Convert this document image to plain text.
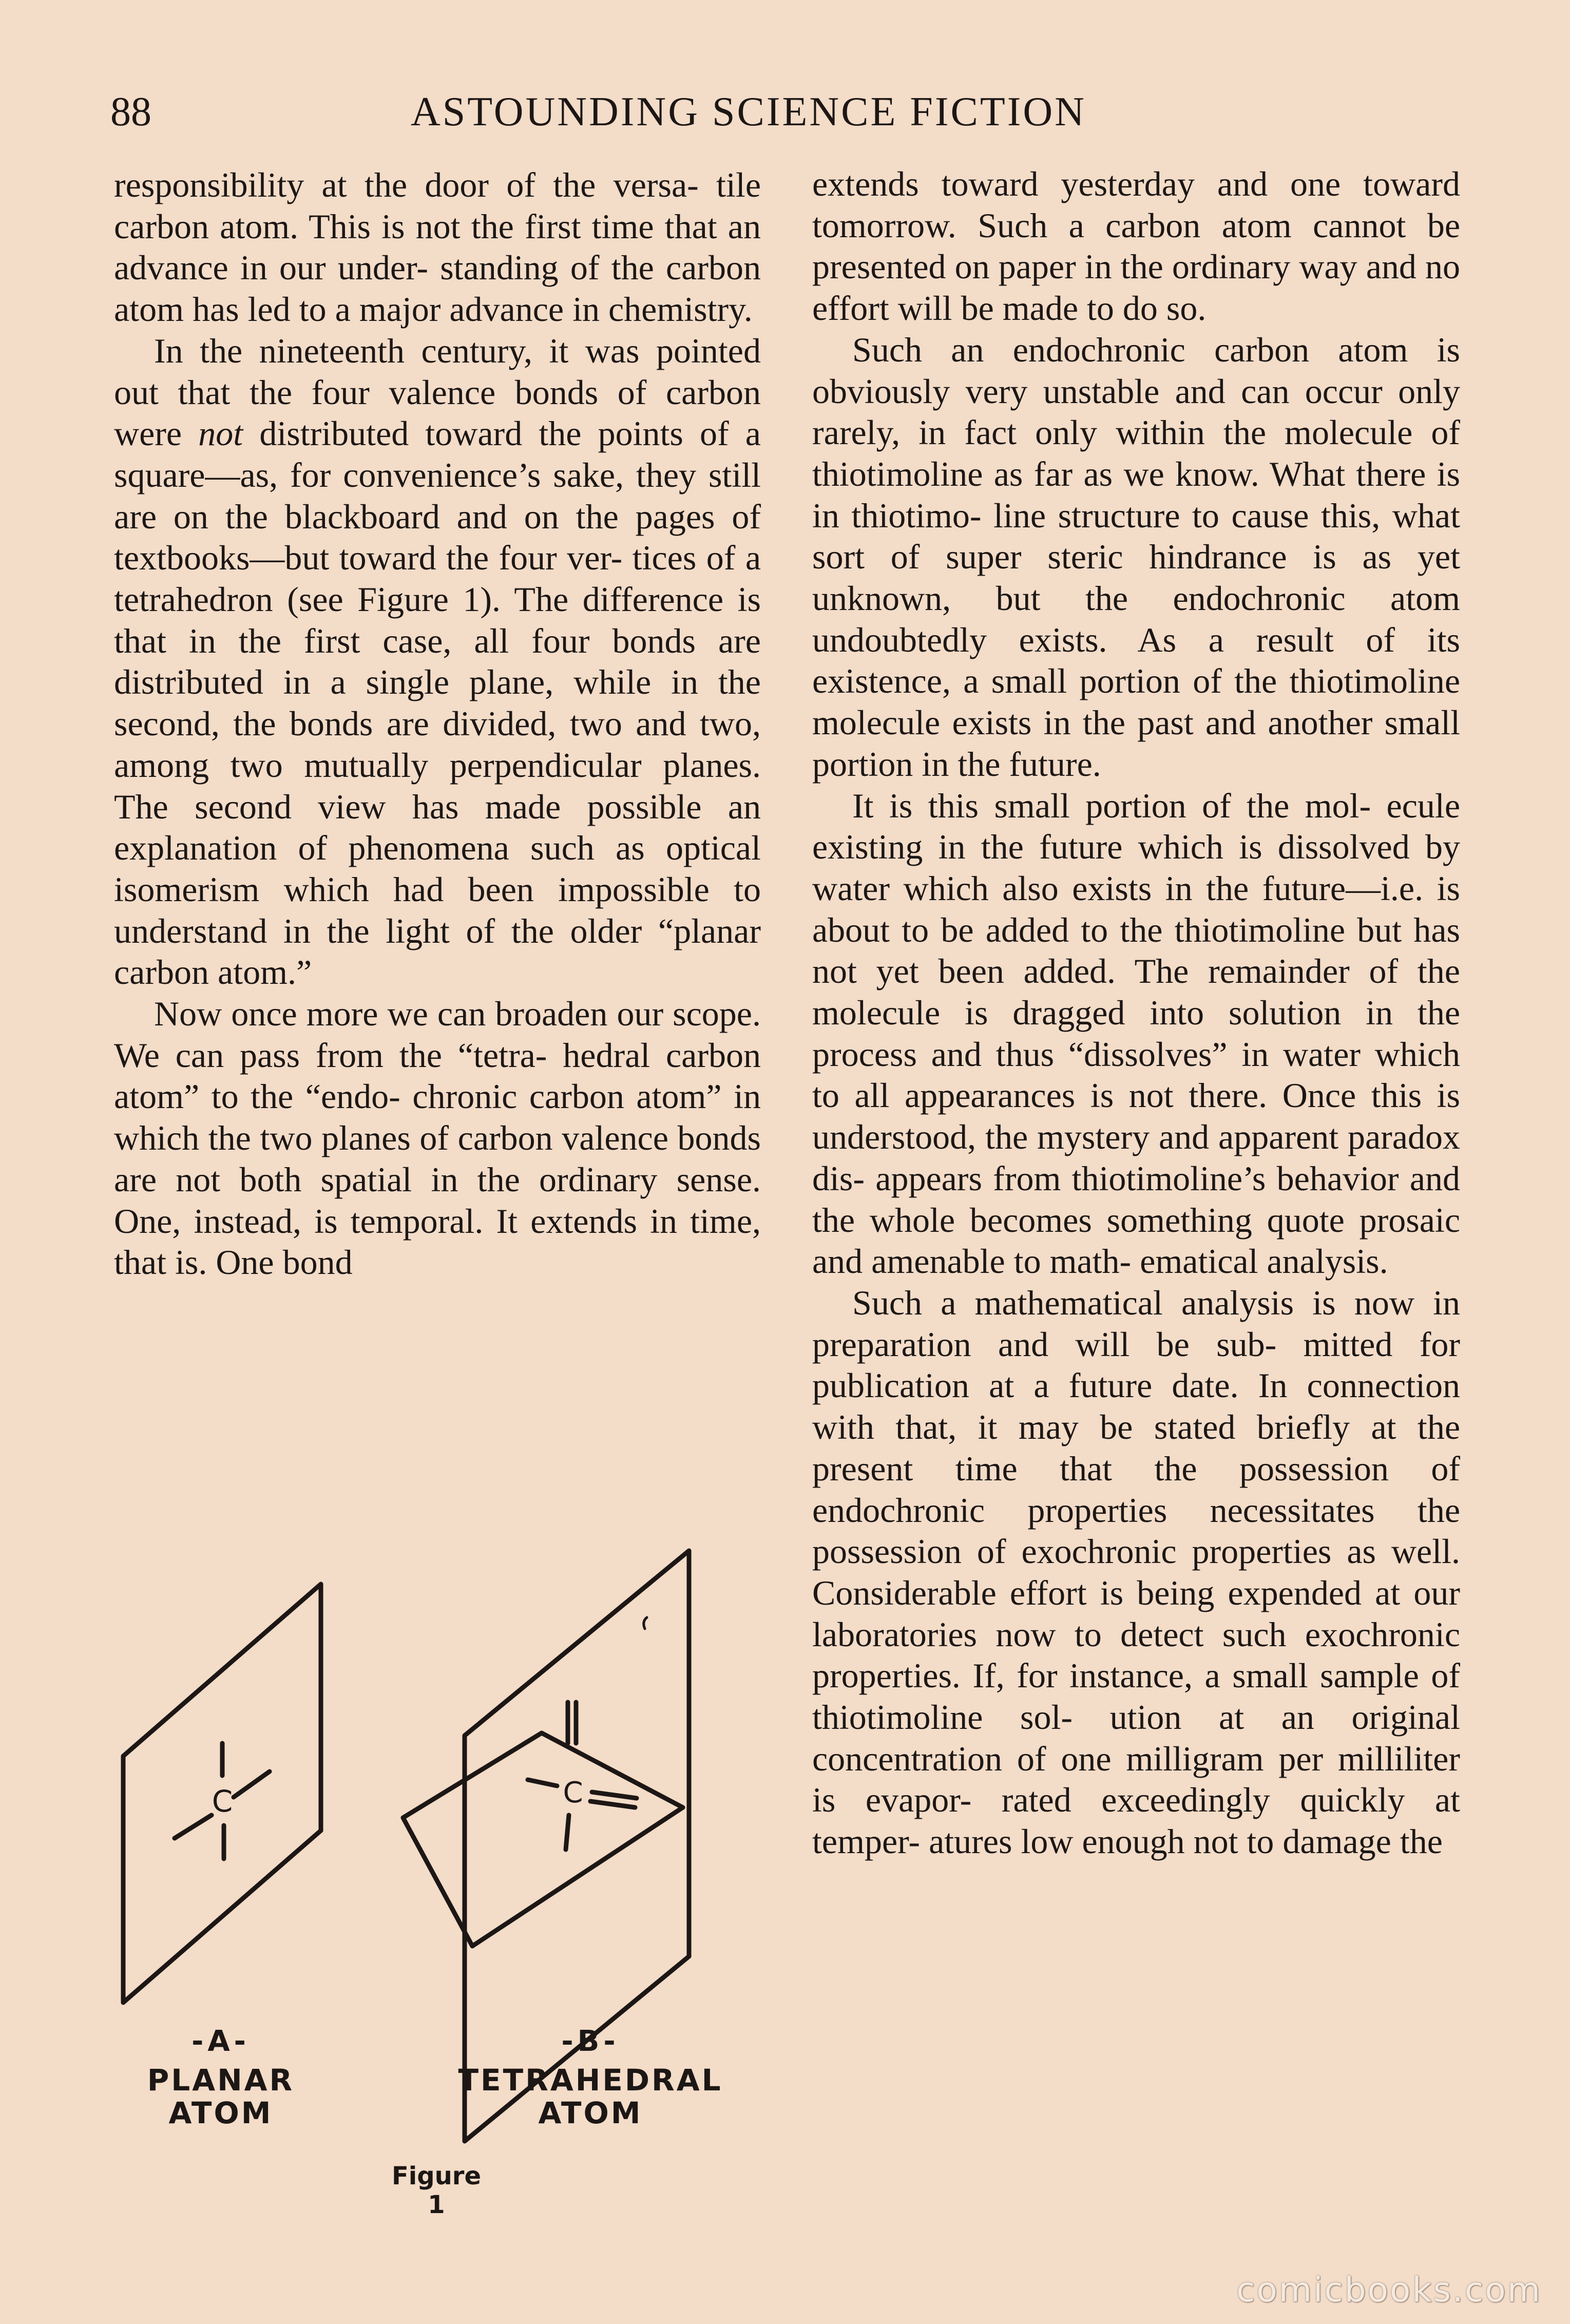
88	ASTOUNDING SCIENCE FICTION

responsibility at the door of the versa- tile carbon atom. This is not the first time that an advance in our under- standing of the carbon atom has led to a major advance in chemistry.

In the nineteenth century, it was pointed out that the four valence bonds of carbon were not distributed toward the points of a square—as, for convenience’s sake, they still are on the blackboard and on the pages of textbooks—but toward the four ver- tices of a tetrahedron (see Figure 1). The difference is that in the first case, all four bonds are distributed in a single plane, while in the second, the bonds are divided, two and two, among two mutually perpendicular planes. The second view has made possible an explanation of phenomena such as optical isomerism which had been impossible to understand in the light of the older “planar carbon atom.”

Now once more we can broaden our scope. We can pass from the “tetra- hedral carbon atom” to the “endo- chronic carbon atom” in which the two planes of carbon valence bonds are not both spatial in the ordinary sense. One, instead, is temporal. It extends in time, that is. One bond

extends toward yesterday and one toward tomorrow. Such a carbon atom cannot be presented on paper in the ordinary way and no effort will be made to do so.

Such an endochronic carbon atom is obviously very unstable and can occur only rarely, in fact only within the molecule of thiotimoline as far as we know. What there is in thiotimo- line structure to cause this, what sort of super steric hindrance is as yet unknown, but the endochronic atom undoubtedly exists. As a result of its existence, a small portion of the thiotimoline molecule exists in the past and another small portion in the future.

It is this small portion of the mol- ecule existing in the future which is dissolved by water which also exists in the future—i.e. is about to be added to the thiotimoline but has not yet been added. The remainder of the molecule is dragged into solution in the process and thus “dissolves” in water which to all appearances is not there. Once this is understood, the mystery and apparent paradox dis- appears from thiotimoline’s behavior and the whole becomes something quote prosaic and amenable to math- ematical analysis.

Such a mathematical analysis is now in preparation and will be sub- mitted for publication at a future date. In connection with that, it may be stated briefly at the present time that the possession of endochronic properties necessitates the possession of exochronic properties as well. Considerable effort is being expended at our laboratories now to detect such exochronic properties. If, for instance, a small sample of thiotimoline sol- ution at an original concentration of one milligram per milliliter is evapor- rated exceedingly quickly at temper- atures low enough not to damage the

C	C
-A-
PLANAR
ATOM
-B-
TETRAHEDRAL
ATOM
Figure 1
comicbooks.com
